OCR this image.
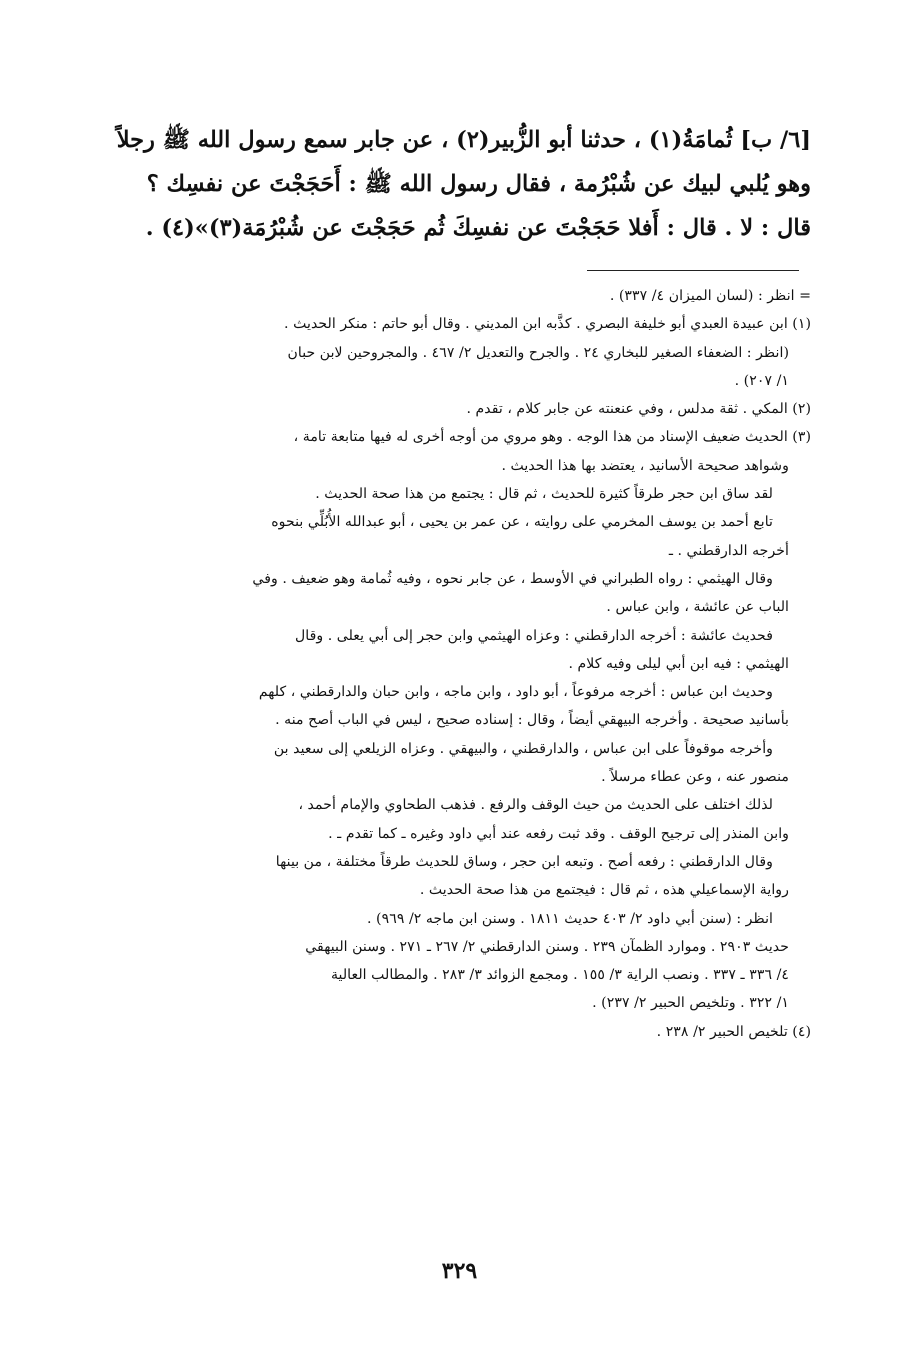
[٦/ ب] ثُمامَةُ(١) ، حدثنا أبو الزُّبير(٢) ، عن جابر سمع رسول الله ﷺ رجلاً
وهو يُلبي لبيك عن شُبْرُمة ، فقال رسول الله ﷺ : أَحَجَجْتَ عن نفسِك ؟
قال : لا . قال : أَفلا حَجَجْتَ عن نفسِكَ ثُم حَجَجْتَ عن شُبْرُمَة(٣)»(٤) .
= انظر : (لسان الميزان ٤/ ٣٣٧) .
(١) ابن عبيدة العبدي أبو خليفة البصري . كذَّبه ابن المديني . وقال أبو حاتم : منكر الحديث .
(انظر : الضعفاء الصغير للبخاري ٢٤ . والجرح والتعديل ٢/ ٤٦٧ . والمجروحين لابن حبان
١/ ٢٠٧) .
(٢) المكي . ثقة مدلس ، وفي عنعنته عن جابر كلام ، تقدم .
(٣) الحديث ضعيف الإسناد من هذا الوجه . وهو مروي من أوجه أخرى له فيها متابعة تامة ،
وشواهد صحيحة الأسانيد ، يعتضد بها هذا الحديث .
لقد ساق ابن حجر طرقاً كثيرة للحديث ، ثم قال : يجتمع من هذا صحة الحديث .
تابع أحمد بن يوسف المخرمي على روايته ، عن عمر بن يحيى ، أبو عبدالله الأُبُلِّي بنحوه
أخرجه الدارقطني . ـ
وقال الهيثمي : رواه الطبراني في الأوسط ، عن جابر نحوه ، وفيه ثُمامة وهو ضعيف . وفي
الباب عن عائشة ، وابن عباس .
فحديث عائشة : أخرجه الدارقطني : وعزاه الهيثمي وابن حجر إلى أبي يعلى . وقال
الهيثمي : فيه ابن أبي ليلى وفيه كلام .
وحديث ابن عباس : أخرجه مرفوعاً ، أبو داود ، وابن ماجه ، وابن حبان والدارقطني ، كلهم
بأسانيد صحيحة . وأخرجه البيهقي أيضاً ، وقال : إسناده صحيح ، ليس في الباب أصح منه .
وأخرجه موقوفاً على ابن عباس ، والدارقطني ، والبيهقي . وعزاه الزيلعي إلى سعيد بن
منصور عنه ، وعن عطاء مرسلاً .
لذلك اختلف على الحديث من حيث الوقف والرفع . فذهب الطحاوي والإمام أحمد ،
وابن المنذر إلى ترجيح الوقف . وقد ثبت رفعه عند أبي داود وغيره ـ كما تقدم ـ .
وقال الدارقطني : رفعه أصح . وتبعه ابن حجر ، وساق للحديث طرقاً مختلفة ، من بينها
رواية الإسماعيلي هذه ، ثم قال : فيجتمع من هذا صحة الحديث .
انظر : (سنن أبي داود ٢/ ٤٠٣ حديث ١٨١١ . وسنن ابن ماجه ٢/ ٩٦٩) .
حديث ٢٩٠٣ . وموارد الظمآن ٢٣٩ . وسنن الدارقطني ٢/ ٢٦٧ ـ ٢٧١ . وسنن البيهقي
٤/ ٣٣٦ ـ ٣٣٧ . ونصب الراية ٣/ ١٥٥ . ومجمع الزوائد ٣/ ٢٨٣ . والمطالب العالية
١/ ٣٢٢ . وتلخيص الحبير ٢/ ٢٣٧) .
(٤) تلخيص الحبير ٢/ ٢٣٨ .
٣٢٩
